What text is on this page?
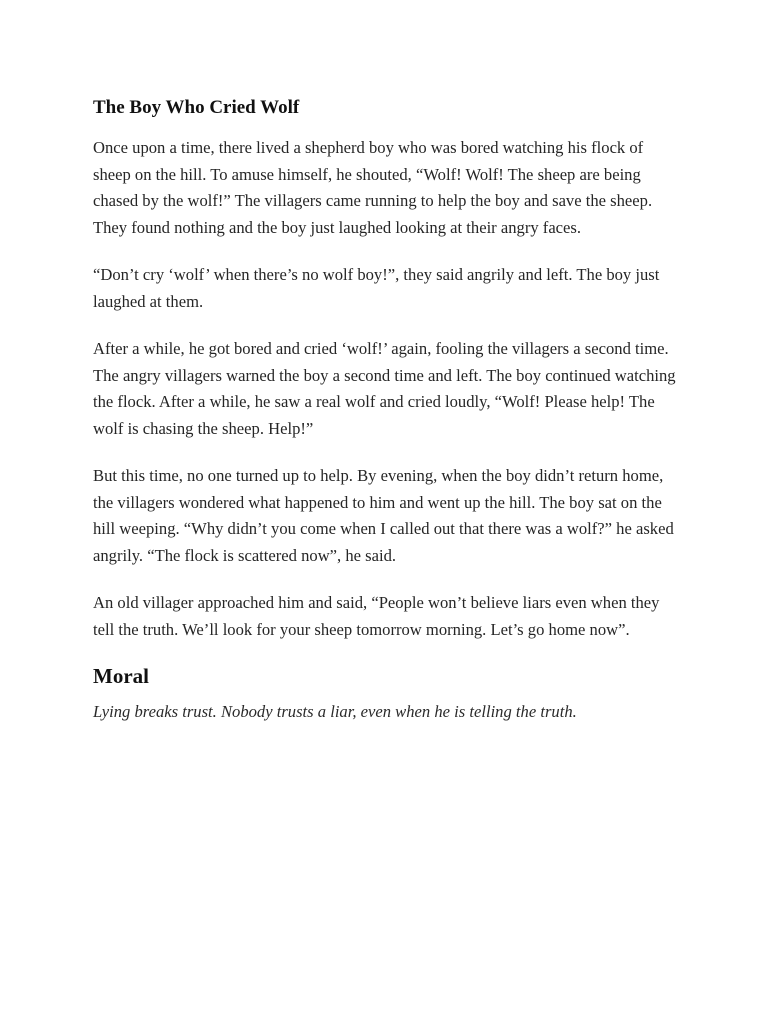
The Boy Who Cried Wolf

Once upon a time, there lived a shepherd boy who was bored watching his flock of sheep on the hill. To amuse himself, he shouted, “Wolf! Wolf! The sheep are being chased by the wolf!” The villagers came running to help the boy and save the sheep. They found nothing and the boy just laughed looking at their angry faces.

“Don’t cry ‘wolf’ when there’s no wolf boy!”, they said angrily and left. The boy just laughed at them.

After a while, he got bored and cried ‘wolf!’ again, fooling the villagers a second time. The angry villagers warned the boy a second time and left. The boy continued watching the flock. After a while, he saw a real wolf and cried loudly, “Wolf! Please help! The wolf is chasing the sheep. Help!”

But this time, no one turned up to help. By evening, when the boy didn’t return home, the villagers wondered what happened to him and went up the hill. The boy sat on the hill weeping. “Why didn’t you come when I called out that there was a wolf?” he asked angrily. “The flock is scattered now”, he said.

An old villager approached him and said, “People won’t believe liars even when they tell the truth. We’ll look for your sheep tomorrow morning. Let’s go home now”.

Moral

Lying breaks trust. Nobody trusts a liar, even when he is telling the truth.
